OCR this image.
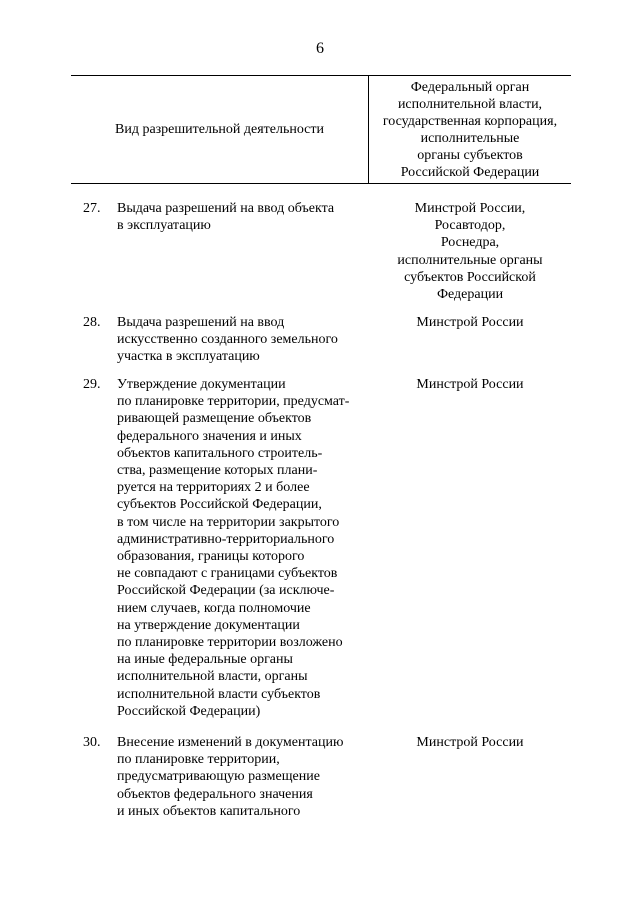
6
Вид разрешительной деятельности
Федеральный орган
исполнительной власти,
государственная корпорация,
исполнительные
органы субъектов
Российской Федерации
27. Выдача разрешений на ввод объекта
в эксплуатацию
Минстрой России,
Росавтодор,
Роснедра,
исполнительные органы
субъектов Российской
Федерации
28. Выдача разрешений на ввод
искусственно созданного земельного
участка в эксплуатацию
Минстрой России
29. Утверждение документации
по планировке территории, предусмат-
ривающей размещение объектов
федерального значения и иных
объектов капитального строитель-
ства, размещение которых плани-
руется на территориях 2 и более
субъектов Российской Федерации,
в том числе на территории закрытого
административно-территориального
образования, границы которого
не совпадают с границами субъектов
Российской Федерации (за исключе-
нием случаев, когда полномочие
на утверждение документации
по планировке территории возложено
на иные федеральные органы
исполнительной власти, органы
исполнительной власти субъектов
Российской Федерации)
Минстрой России
30. Внесение изменений в документацию
по планировке территории,
предусматривающую размещение
объектов федерального значения
и иных объектов капитального
Минстрой России
